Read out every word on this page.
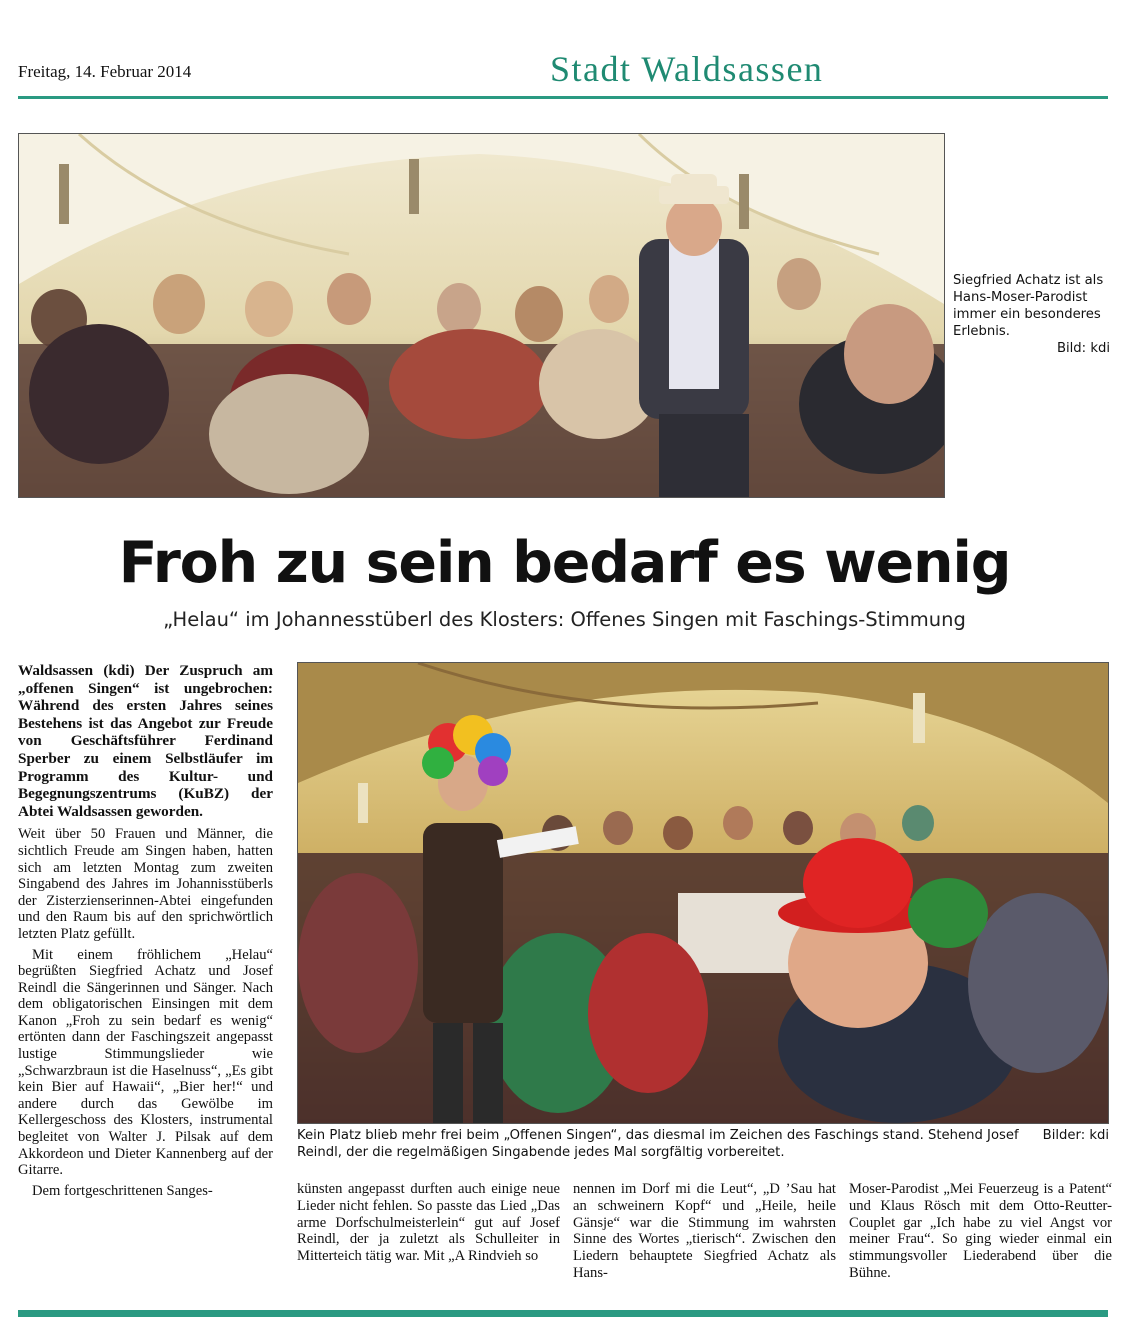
Freitag, 14. Februar 2014	Stadt Waldsassen
Siegfried Achatz ist als Hans-Moser-Parodist immer ein besonderes Erlebnis.
Bild: kdi
Froh zu sein bedarf es wenig
„Helau“ im Johannesstüberl des Klosters: Offenes Singen mit Faschings-Stimmung

Waldsassen (kdi) Der Zuspruch am „offenen Singen“ ist ungebrochen: Während des ersten Jahres seines Bestehens ist das Angebot zur Freude von Geschäftsführer Ferdinand Sperber zu einem Selbstläufer im Programm des Kultur- und Begegnungszentrums (KuBZ) der Abtei Waldsassen geworden.

Weit über 50 Frauen und Männer, die sichtlich Freude am Singen haben, hatten sich am letzten Montag zum zweiten Singabend des Jahres im Johannisstüberls der Zisterzienserinnen-Abtei eingefunden und den Raum bis auf den sprichwörtlich letzten Platz gefüllt.

Mit einem fröhlichem „Helau“ begrüßten Siegfried Achatz und Josef Reindl die Sängerinnen und Sänger. Nach dem obligatorischen Einsingen mit dem Kanon „Froh zu sein bedarf es wenig“ ertönten dann der Faschingszeit angepasst lustige Stimmungslieder wie „Schwarzbraun ist die Haselnuss“, „Es gibt kein Bier auf Hawaii“, „Bier her!“ und andere durch das Gewölbe im Kellergeschoss des Klosters, instrumental begleitet von Walter J. Pilsak auf dem Akkordeon und Dieter Kannenberg auf der Gitarre.

Dem fortgeschrittenen Sanges-

Bilder: kdi
Kein Platz blieb mehr frei beim „Offenen Singen“, das diesmal im Zeichen des Faschings stand. Stehend Josef Reindl, der die regelmäßigen Singabende jedes Mal sorgfältig vorbereitet.
künsten angepasst durften auch einige neue Lieder nicht fehlen. So passte das Lied „Das arme Dorfschulmeisterlein“ gut auf Josef Reindl, der ja zuletzt als Schulleiter in Mitterteich tätig war. Mit „A Rindvieh so
nennen im Dorf mi die Leut“, „D ’Sau hat an schweinern Kopf“ und „Heile, heile Gänsje“ war die Stimmung im wahrsten Sinne des Wortes „tierisch“. Zwischen den Liedern behauptete Siegfried Achatz als Hans-
Moser-Parodist „Mei Feuerzeug is a Patent“ und Klaus Rösch mit dem Otto-Reutter-Couplet gar „Ich habe zu viel Angst vor meiner Frau“. So ging wieder einmal ein stimmungsvoller Liederabend über die Bühne.
